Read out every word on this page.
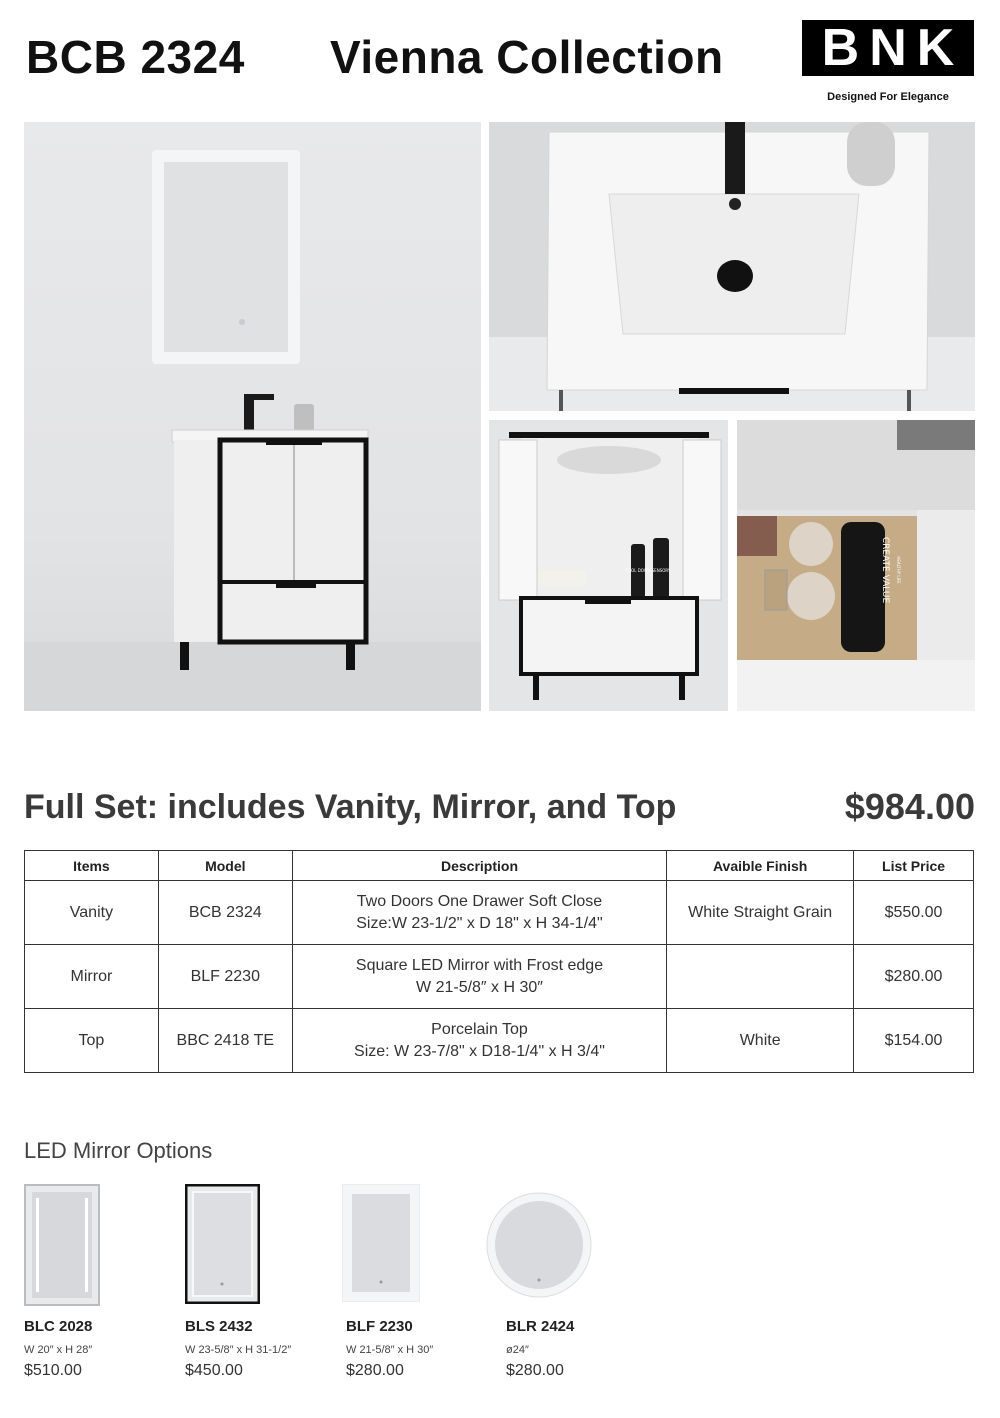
BCB 2324 Vienna Collection	BNK
Designed For Elegance
COOL DOWN SENSORY	CREATE VALUE HEALTHY LIFE
Full Set: includes Vanity, Mirror, and Top	$984.00
Items	Model	Description	Avaible Finish	List Price
Vanity	BCB 2324	Two Doors One Drawer Soft Close
Size:W 23-1/2" x D 18" x H 34-1/4"	White Straight Grain	$550.00
Mirror	BLF 2230	Square LED Mirror with Frost edge
W 21-5/8″ x H 30″		$280.00
Top	BBC 2418 TE	Porcelain Top
Size: W 23-7/8" x D18-1/4" x H 3/4"	White	$154.00
LED Mirror Options
BLC 2028
W 20″ x H 28″
$510.00
BLS 2432
W 23-5/8″ x H 31-1/2″
$450.00
BLF 2230
W 21-5/8″ x H 30″
$280.00
BLR 2424
ø24″
$280.00
